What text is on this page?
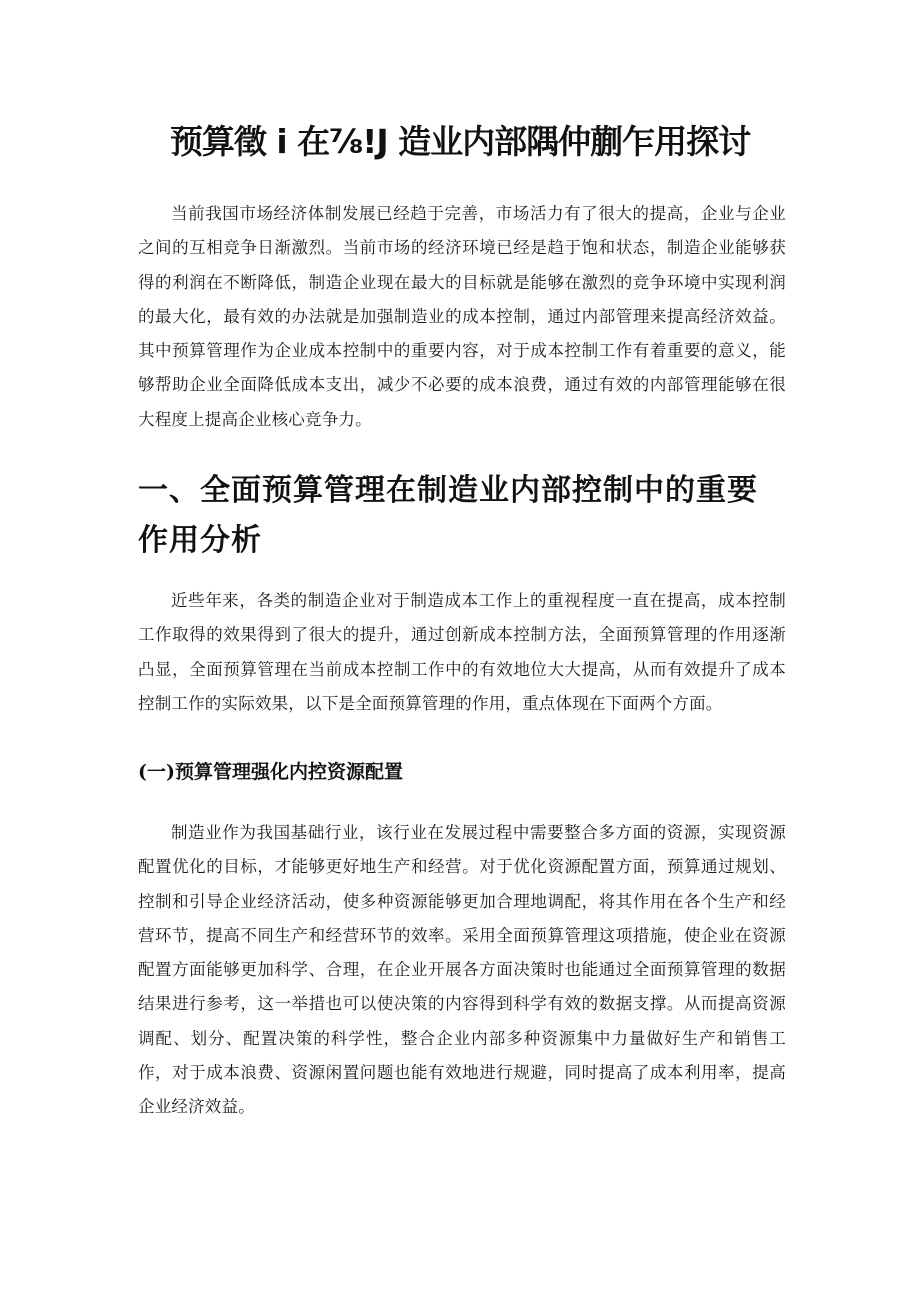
预算徵 i 在⅞!J 造业内部隅仲蒯乍用探讨

当前我国市场经济体制发展已经趋于完善，市场活力有了很大的提高，企业与企业之间的互相竞争日渐激烈。当前市场的经济环境已经是趋于饱和状态，制造企业能够获得的利润在不断降低，制造企业现在最大的目标就是能够在激烈的竞争环境中实现利润的最大化，最有效的办法就是加强制造业的成本控制，通过内部管理来提高经济效益。其中预算管理作为企业成本控制中的重要内容，对于成本控制工作有着重要的意义，能够帮助企业全面降低成本支出，减少不必要的成本浪费，通过有效的内部管理能够在很大程度上提高企业核心竞争力。

一、全面预算管理在制造业内部控制中的重要作用分析

近些年来，各类的制造企业对于制造成本工作上的重视程度一直在提高，成本控制工作取得的效果得到了很大的提升，通过创新成本控制方法，全面预算管理的作用逐渐凸显，全面预算管理在当前成本控制工作中的有效地位大大提高，从而有效提升了成本控制工作的实际效果，以下是全面预算管理的作用，重点体现在下面两个方面。

(一)预算管理强化内控资源配置

制造业作为我国基础行业，该行业在发展过程中需要整合多方面的资源，实现资源配置优化的目标，才能够更好地生产和经营。对于优化资源配置方面，预算通过规划、控制和引导企业经济活动，使多种资源能够更加合理地调配，将其作用在各个生产和经营环节，提高不同生产和经营环节的效率。采用全面预算管理这项措施，使企业在资源配置方面能够更加科学、合理，在企业开展各方面决策时也能通过全面预算管理的数据结果进行参考，这一举措也可以使决策的内容得到科学有效的数据支撑。从而提高资源调配、划分、配置决策的科学性，整合企业内部多种资源集中力量做好生产和销售工作，对于成本浪费、资源闲置问题也能有效地进行规避，同时提高了成本利用率，提高企业经济效益。
